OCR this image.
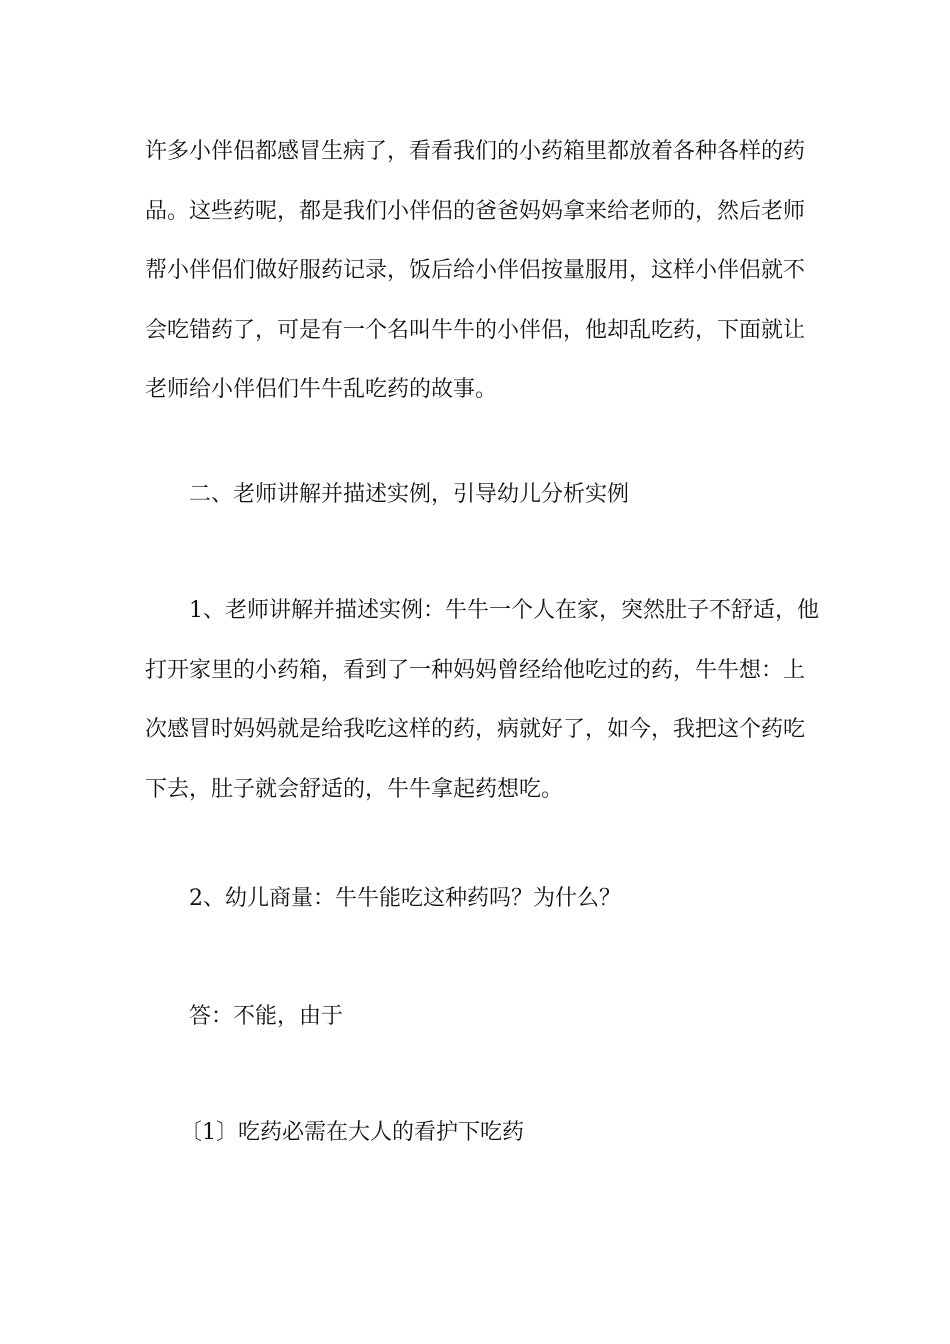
许多小伴侣都感冒生病了，看看我们的小药箱里都放着各种各样的药品。这些药呢，都是我们小伴侣的爸爸妈妈拿来给老师的，然后老师帮小伴侣们做好服药记录，饭后给小伴侣按量服用，这样小伴侣就不会吃错药了，可是有一个名叫牛牛的小伴侣，他却乱吃药，下面就让老师给小伴侣们牛牛乱吃药的故事。

二、老师讲解并描述实例，引导幼儿分析实例

1、老师讲解并描述实例：牛牛一个人在家，突然肚子不舒适，他打开家里的小药箱，看到了一种妈妈曾经给他吃过的药，牛牛想：上次感冒时妈妈就是给我吃这样的药，病就好了，如今，我把这个药吃下去，肚子就会舒适的，牛牛拿起药想吃。

2、幼儿商量：牛牛能吃这种药吗？为什么？

答：不能，由于

〔1〕吃药必需在大人的看护下吃药
